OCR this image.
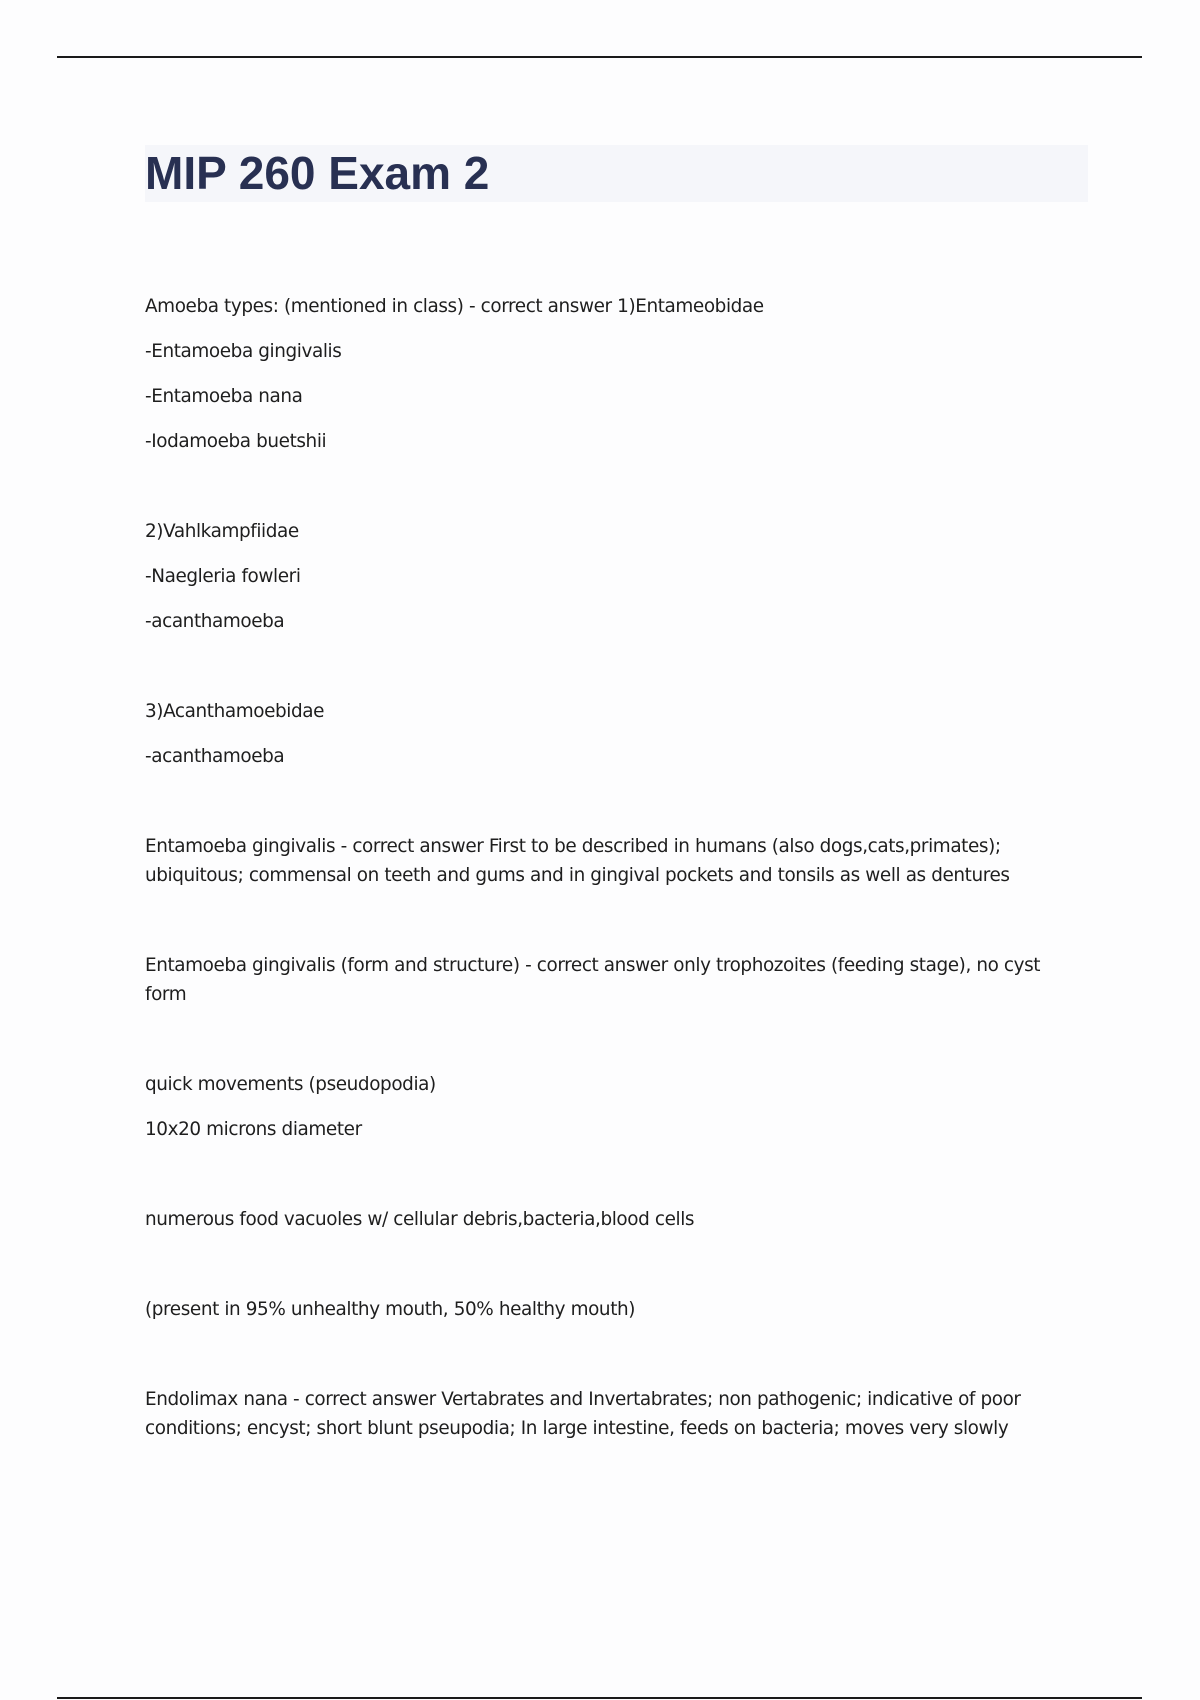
MIP 260 Exam 2

Amoeba types: (mentioned in class) - correct answer 1)Entameobidae

-Entamoeba gingivalis

-Entamoeba nana

-Iodamoeba buetshii

2)Vahlkampfiidae

-Naegleria fowleri

-acanthamoeba

3)Acanthamoebidae

-acanthamoeba

Entamoeba gingivalis - correct answer First to be described in humans (also dogs,cats,primates); ubiquitous; commensal on teeth and gums and in gingival pockets and tonsils as well as dentures

Entamoeba gingivalis (form and structure) - correct answer only trophozoites (feeding stage), no cyst form

quick movements (pseudopodia)

10x20 microns diameter

numerous food vacuoles w/ cellular debris,bacteria,blood cells

(present in 95% unhealthy mouth, 50% healthy mouth)

Endolimax nana - correct answer Vertabrates and Invertabrates; non pathogenic; indicative of poor conditions; encyst; short blunt pseupodia; In large intestine, feeds on bacteria; moves very slowly
